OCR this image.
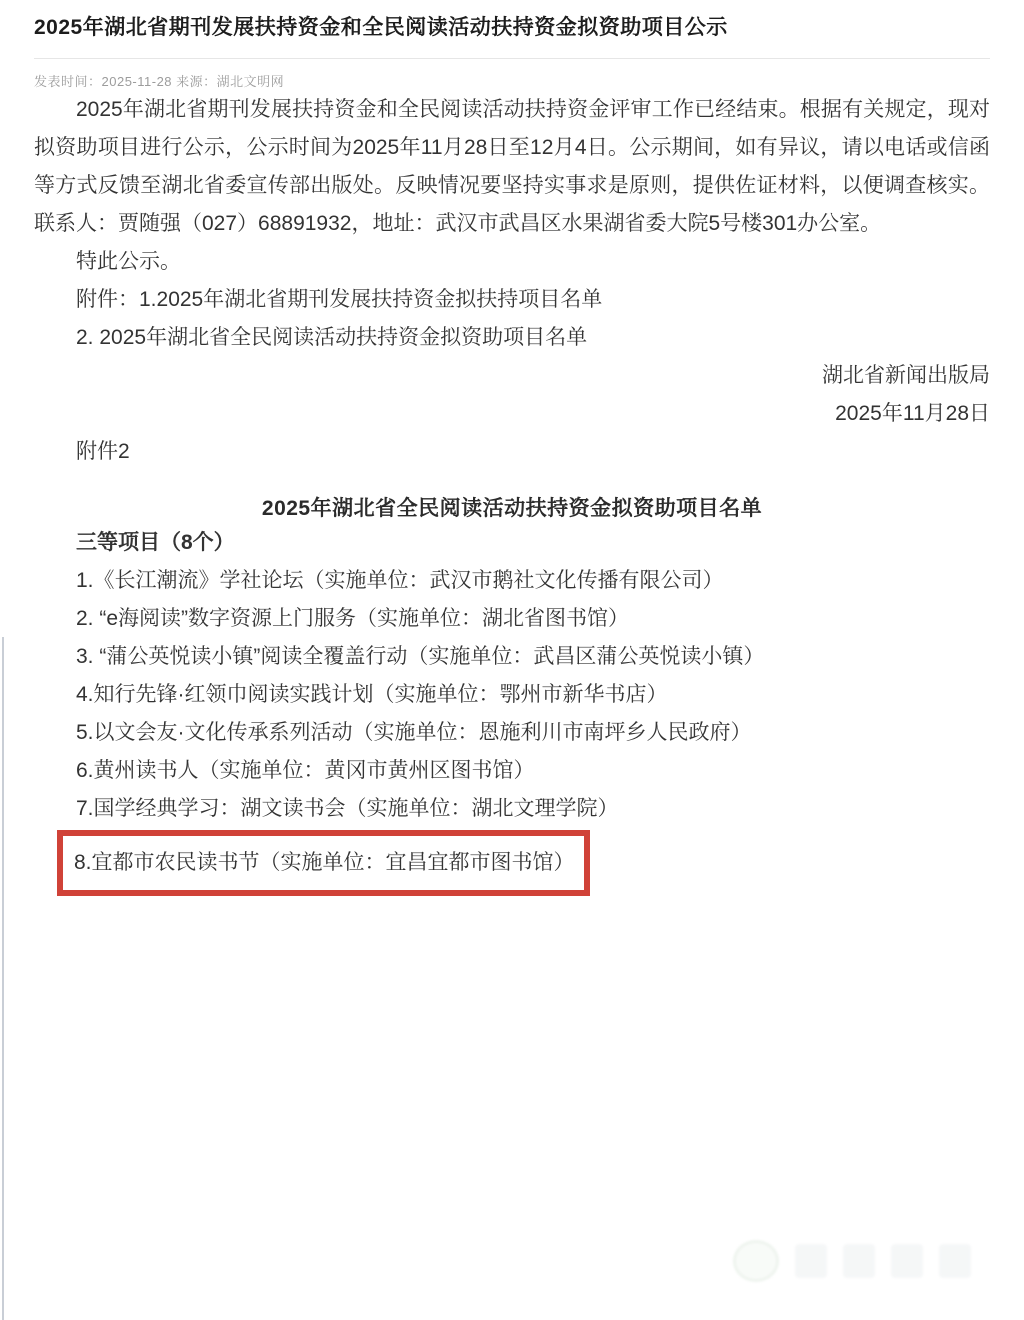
2025年湖北省期刊发展扶持资金和全民阅读活动扶持资金拟资助项目公示
发表时间：2025-11-28 来源：湖北文明网

2025年湖北省期刊发展扶持资金和全民阅读活动扶持资金评审工作已经结束。根据有关规定，现对拟资助项目进行公示，公示时间为2025年11月28日至12月4日。公示期间，如有异议，请以电话或信函等方式反馈至湖北省委宣传部出版处。反映情况要坚持实事求是原则，提供佐证材料，以便调查核实。联系人：贾随强（027）68891932，地址：武汉市武昌区水果湖省委大院5号楼301办公室。

特此公示。

附件：1.2025年湖北省期刊发展扶持资金拟扶持项目名单

2. 2025年湖北省全民阅读活动扶持资金拟资助项目名单

湖北省新闻出版局

2025年11月28日

附件2

2025年湖北省全民阅读活动扶持资金拟资助项目名单

三等项目（8个）

1.《长江潮流》学社论坛（实施单位：武汉市鹅社文化传播有限公司）

2. “e海阅读”数字资源上门服务（实施单位：湖北省图书馆）

3. “蒲公英悦读小镇”阅读全覆盖行动（实施单位：武昌区蒲公英悦读小镇）

4.知行先锋·红领巾阅读实践计划（实施单位：鄂州市新华书店）

5.以文会友·文化传承系列活动（实施单位：恩施利川市南坪乡人民政府）

6.黄州读书人（实施单位：黄冈市黄州区图书馆）

7.国学经典学习：湖文读书会（实施单位：湖北文理学院）

8.宜都市农民读书节（实施单位：宜昌宜都市图书馆）
